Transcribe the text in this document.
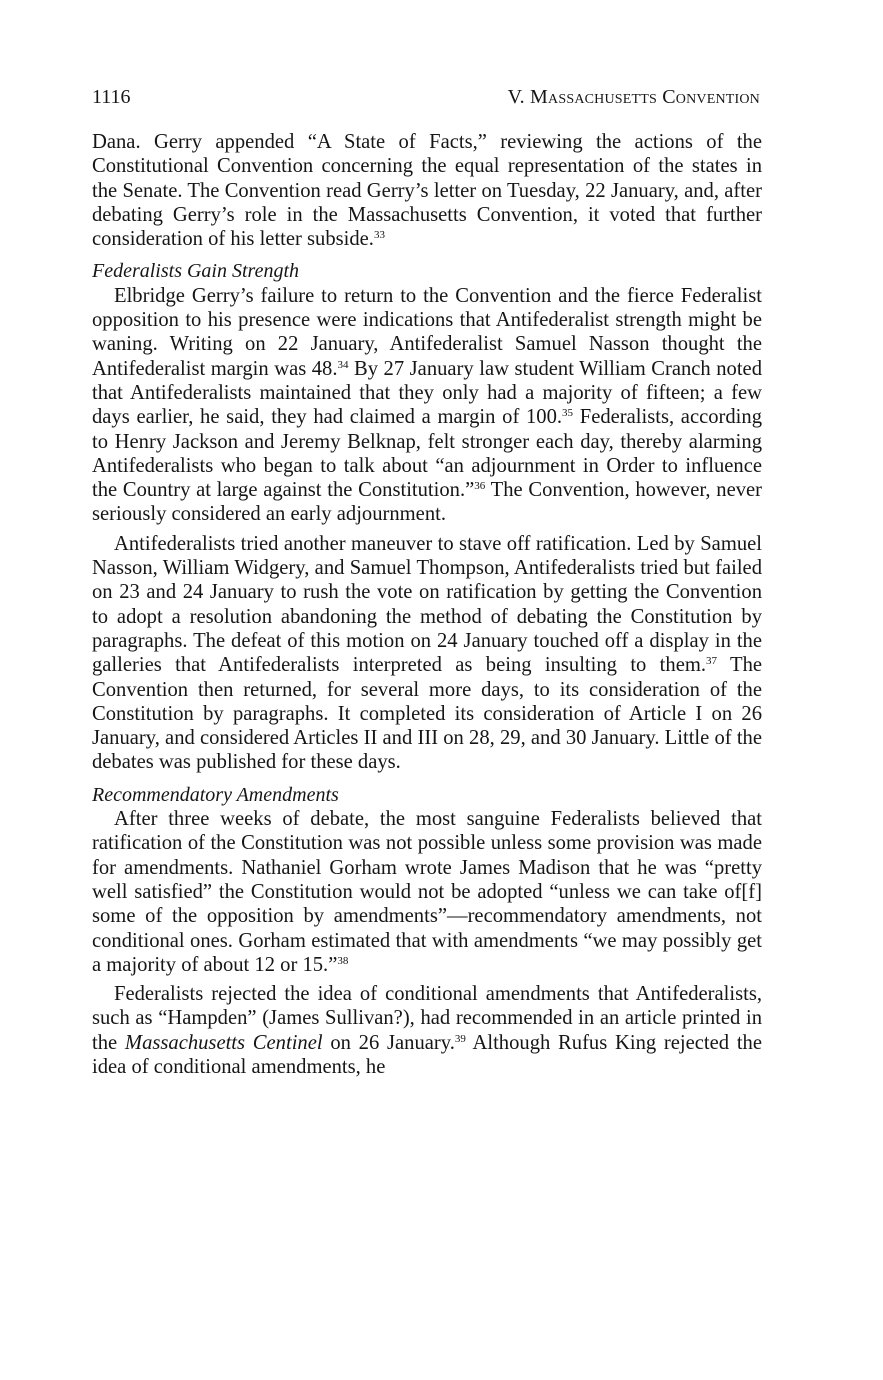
1116	V. Massachusetts Convention

Dana. Gerry appended “A State of Facts,” reviewing the actions of the Constitutional Convention concerning the equal representation of the states in the Senate. The Convention read Gerry’s letter on Tuesday, 22 January, and, after debating Gerry’s role in the Massachusetts Convention, it voted that further consideration of his letter subside.$^{33}$

Federalists Gain Strength

Elbridge Gerry’s failure to return to the Convention and the fierce Federalist opposition to his presence were indications that Antifederalist strength might be waning. Writing on 22 January, Antifederalist Samuel Nasson thought the Antifederalist margin was 48.34 By 27 January law student William Cranch noted that Antifederalists maintained that they only had a majority of fifteen; a few days earlier, he said, they had claimed a margin of 100.35 Federalists, according to Henry Jackson and Jeremy Belknap, felt stronger each day, thereby alarming Antifederalists who began to talk about “an adjournment in Order to influence the Country at large against the Constitution.”$^{36}$ The Convention, however, never seriously considered an early adjournment.

Antifederalists tried another maneuver to stave off ratification. Led by Samuel Nasson, William Widgery, and Samuel Thompson, Antifederalists tried but failed on 23 and 24 January to rush the vote on ratification by getting the Convention to adopt a resolution abandoning the method of debating the Constitution by paragraphs. The defeat of this motion on 24 January touched off a display in the galleries that Antifederalists interpreted as being insulting to them.$^{37}$ The Convention then returned, for several more days, to its consideration of the Constitution by paragraphs. It completed its consideration of Article I on 26 January, and considered Articles II and III on 28, 29, and 30 January. Little of the debates was published for these days.

Recommendatory Amendments

After three weeks of debate, the most sanguine Federalists believed that ratification of the Constitution was not possible unless some provision was made for amendments. Nathaniel Gorham wrote James Madison that he was “pretty well satisfied” the Constitution would not be adopted “unless we can take of[f] some of the opposition by amendments”—recommendatory amendments, not conditional ones. Gorham estimated that with amendments “we may possibly get a majority of about 12 or 15.”$^{38}$

Federalists rejected the idea of conditional amendments that Antifederalists, such as “Hampden” (James Sullivan?), had recommended in an article printed in the Massachusetts Centinel on 26 January.$^{39}$ Although Rufus King rejected the idea of conditional amendments, he
